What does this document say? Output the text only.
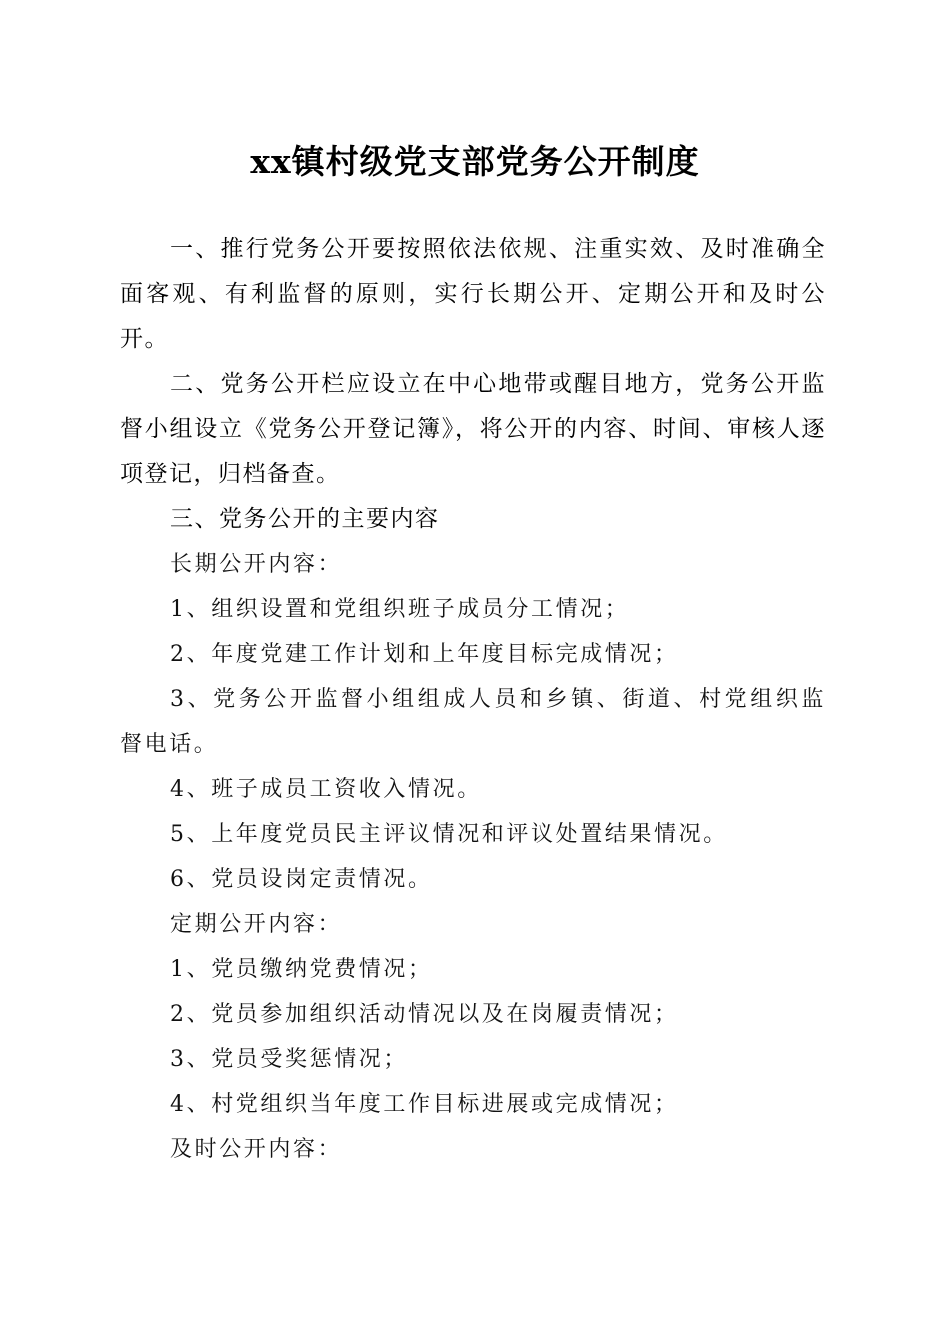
xx镇村级党支部党务公开制度

一、推行党务公开要按照依法依规、注重实效、及时准确全面客观、有利监督的原则，实行长期公开、定期公开和及时公开。

二、党务公开栏应设立在中心地带或醒目地方，党务公开监督小组设立《党务公开登记簿》，将公开的内容、时间、审核人逐项登记，归档备查。

三、党务公开的主要内容

长期公开内容：

1、组织设置和党组织班子成员分工情况；

2、年度党建工作计划和上年度目标完成情况；

3、党务公开监督小组组成人员和乡镇、街道、村党组织监督电话。

4、班子成员工资收入情况。

5、上年度党员民主评议情况和评议处置结果情况。

6、党员设岗定责情况。

定期公开内容：

1、党员缴纳党费情况；

2、党员参加组织活动情况以及在岗履责情况；

3、党员受奖惩情况；

4、村党组织当年度工作目标进展或完成情况；

及时公开内容：
